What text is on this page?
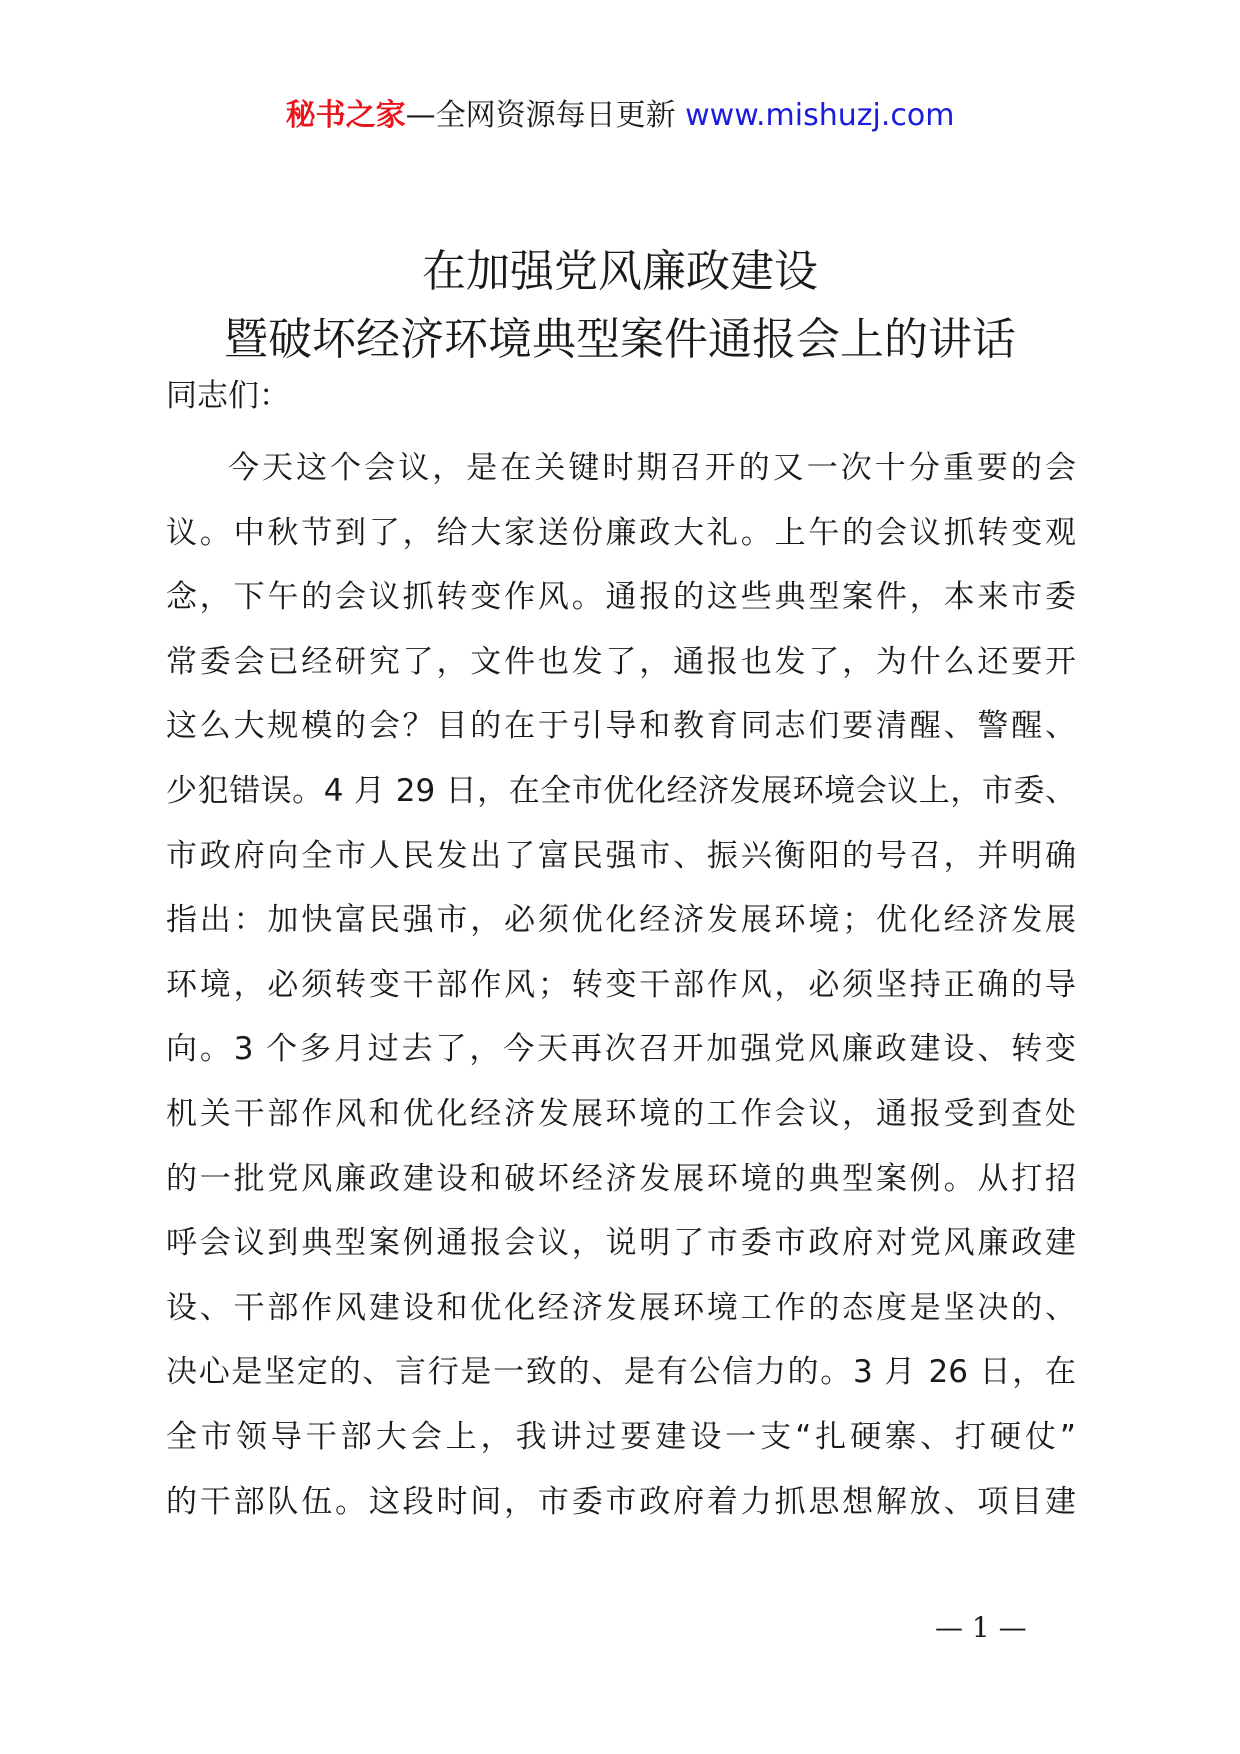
秘书之家—全网资源每日更新 www.mishuzj.com
在加强党风廉政建设
暨破坏经济环境典型案件通报会上的讲话
同志们：
今天这个会议，是在关键时期召开的又一次十分重要的会
议。中秋节到了，给大家送份廉政大礼。上午的会议抓转变观
念，下午的会议抓转变作风。通报的这些典型案件，本来市委
常委会已经研究了，文件也发了，通报也发了，为什么还要开
这么大规模的会？目的在于引导和教育同志们要清醒、警醒、
少犯错误。4 月 29 日，在全市优化经济发展环境会议上，市委、
市政府向全市人民发出了富民强市、振兴衡阳的号召，并明确
指出：加快富民强市，必须优化经济发展环境；优化经济发展
环境，必须转变干部作风；转变干部作风，必须坚持正确的导
向。3 个多月过去了，今天再次召开加强党风廉政建设、转变
机关干部作风和优化经济发展环境的工作会议，通报受到查处
的一批党风廉政建设和破坏经济发展环境的典型案例。从打招
呼会议到典型案例通报会议，说明了市委市政府对党风廉政建
设、干部作风建设和优化经济发展环境工作的态度是坚决的、
决心是坚定的、言行是一致的、是有公信力的。3 月 26 日，在
全市领导干部大会上，我讲过要建设一支“扎硬寨、打硬仗”
的干部队伍。这段时间，市委市政府着力抓思想解放、项目建
— 1 —
